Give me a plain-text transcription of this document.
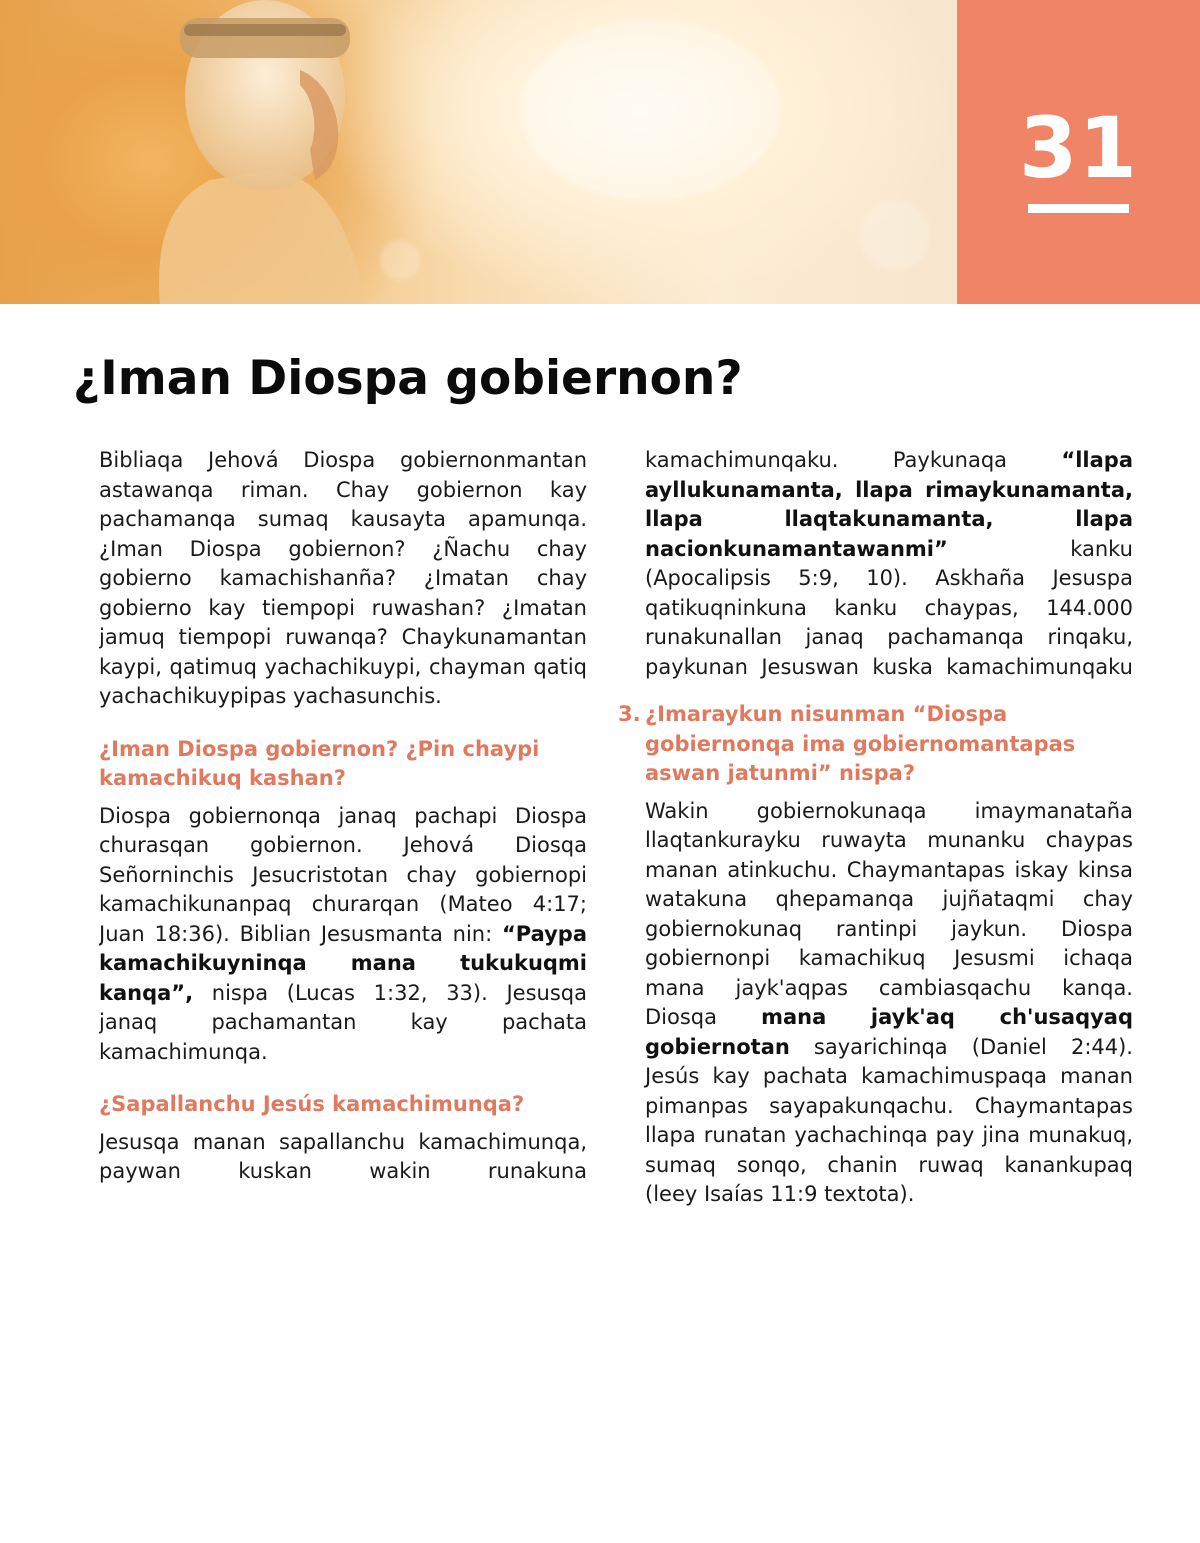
31
¿Iman Diospa gobiernon?

Bibliaqa Jehová Diospa gobiernonmantan astawanqa riman. Chay gobiernon kay pachamanqa sumaq kausayta apamunqa. ¿Iman Diospa gobiernon? ¿Ñachu chay gobierno kamachishanña? ¿Imatan chay gobierno kay tiempopi ruwashan? ¿Imatan jamuq tiempopi ruwanqa? Chaykunamantan kaypi, qatimuq yachachikuypi, chayman qatiq yachachikuypipas yachasunchis.

¿Iman Diospa gobiernon? ¿Pin chaypi kamachikuq kashan?

Diospa gobiernonqa janaq pachapi Diospa churasqan gobiernon. Jehová Diosqa Señorninchis Jesucristotan chay gobiernopi kamachikunanpaq churarqan (Mateo 4:17; Juan 18:36). Biblian Jesusmanta nin: “Paypa kamachikuyninqa mana tukukuqmi kanqa”, nispa (Lucas 1:32, 33). Jesusqa janaq pachamantan kay pachata kamachimunqa.

¿Sapallanchu Jesús kamachimunqa?

Jesusqa manan sapallanchu kamachimunqa, paywan kuskan wakin runakuna

3. ¿Imaraykun nisunman “Diospa gobiernonqa ima gobiernomantapas aswan jatunmi” nispa?

Wakin gobiernokunaqa imaymanataña llaqtankurayku ruwayta munanku chaypas manan atinkuchu. Chaymantapas iskay kinsa watakuna qhepamanqa jujñataqmi chay gobiernokunaq rantinpi jaykun. Diospa gobiernonpi kamachikuq Jesusmi ichaqa mana jayk'aqpas cambiasqachu kanqa. Diosqa mana jayk'aq ch'usaqyaq gobiernotan sayarichinqa (Daniel 2:44). Jesús kay pachata kamachimuspaqa manan pimanpas sayapakunqachu. Chaymantapas llapa runatan yachachinqa pay jina munakuq, sumaq sonqo, chanin ruwaq kanankupaq (leey Isaías 11:9 textota).

kamachimunqaku. Paykunaqa	“llapa ayllukunamanta, llapa rimaykunamanta, llapa llaqtakunamanta, llapa nacionkunamantawanmi”	kanku (Apocalipsis 5:9, 10). Askhaña Jesuspa qatikuqninkuna kanku chaypas, 144.000 runakunallan janaq pachamanqa rinqaku, paykunan Jesuswan kuska kamachimunqaku
